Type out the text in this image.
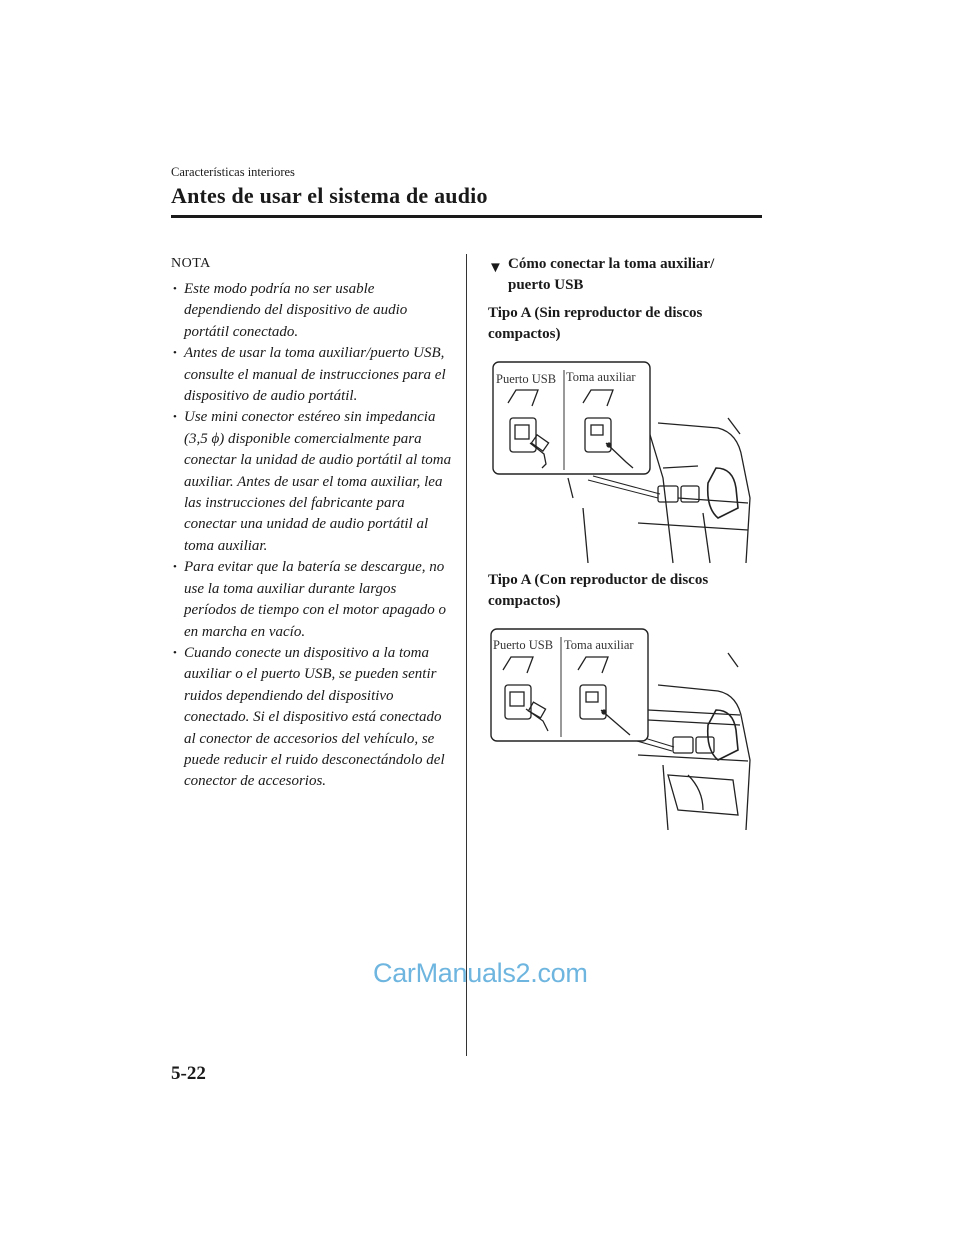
Características interiores
Antes de usar el sistema de audio
NOTA
• Este modo podría no ser usable dependiendo del dispositivo de audio portátil conectado.
• Antes de usar la toma auxiliar/puerto USB, consulte el manual de instrucciones para el dispositivo de audio portátil.
• Use mini conector estéreo sin impedancia (3,5 ϕ) disponible comercialmente para conectar la unidad de audio portátil al toma auxiliar. Antes de usar el toma auxiliar, lea las instrucciones del fabricante para conectar una unidad de audio portátil al toma auxiliar.
• Para evitar que la batería se descargue, no use la toma auxiliar durante largos períodos de tiempo con el motor apagado o en marcha en vacío.
• Cuando conecte un dispositivo a la toma auxiliar o el puerto USB, se pueden sentir ruidos dependiendo del dispositivo conectado. Si el dispositivo está conectado al conector de accesorios del vehículo, se puede reducir el ruido desconectándolo del conector de accesorios.
▼ Cómo conectar la toma auxiliar/ puerto USB
Tipo A (Sin reproductor de discos compactos)
Puerto USB Toma auxiliar
Tipo A (Con reproductor de discos compactos)
Puerto USB Toma auxiliar
CarManuals2.com
5-22
